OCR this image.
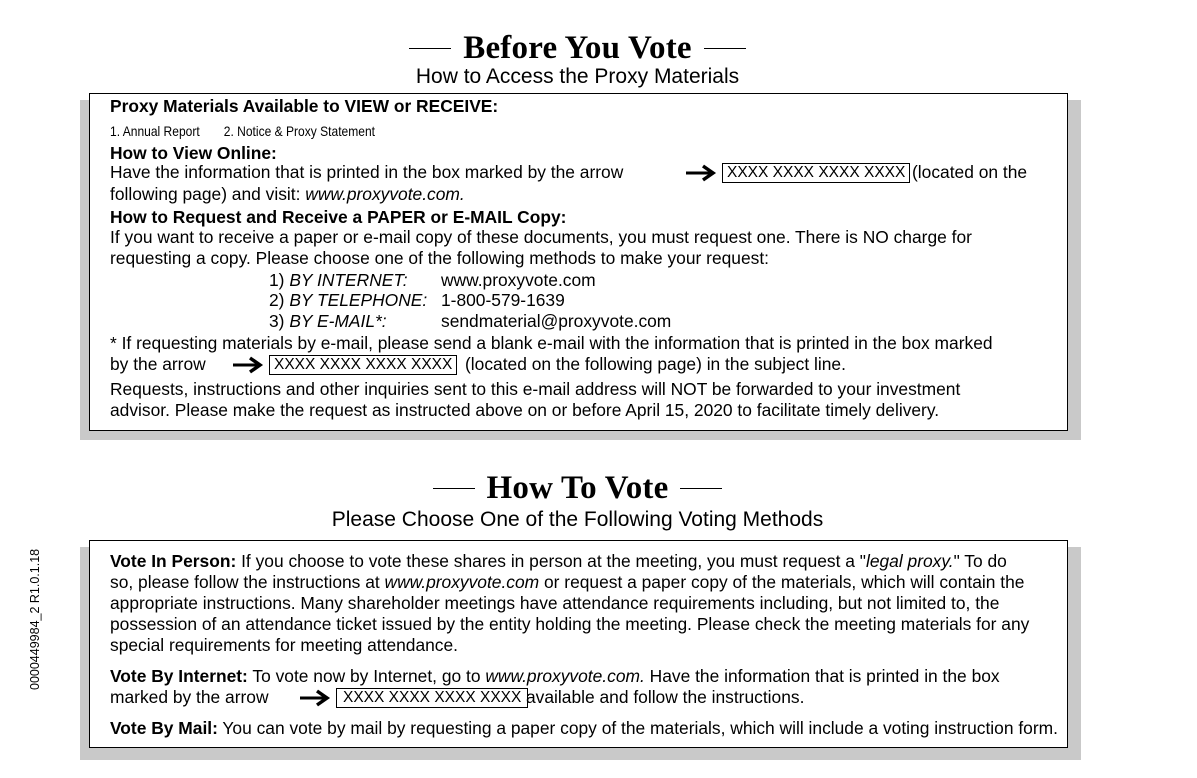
Before You Vote
How to Access the Proxy Materials
Proxy Materials Available to VIEW or RECEIVE:
1. Annual Report 2. Notice & Proxy Statement
How to View Online:
Have the information that is printed in the box marked by the arrow	XXXX XXXX XXXX XXXX (located on the
following page) and visit: www.proxyvote.com.
How to Request and Receive a PAPER or E-MAIL Copy:
If you want to receive a paper or e-mail copy of these documents, you must request one. There is NO charge for
requesting a copy. Please choose one of the following methods to make your request:
1) BY INTERNET: www.proxyvote.com
2) BY TELEPHONE: 1-800-579-1639
3) BY E-MAIL*:	sendmaterial@proxyvote.com
* If requesting materials by e-mail, please send a blank e-mail with the information that is printed in the box marked
by the arrow	XXXX XXXX XXXX XXXX (located on the following page) in the subject line.
Requests, instructions and other inquiries sent to this e-mail address will NOT be forwarded to your investment
advisor. Please make the request as instructed above on or before April 15, 2020 to facilitate timely delivery.
How To Vote
Please Choose One of the Following Voting Methods
Vote In Person: If you choose to vote these shares in person at the meeting, you must request a "legal proxy." To do
so, please follow the instructions at www.proxyvote.com or request a paper copy of the materials, which will contain the
appropriate instructions. Many shareholder meetings have attendance requirements including, but not limited to, the
possession of an attendance ticket issued by the entity holding the meeting. Please check the meeting materials for any
special requirements for meeting attendance.
Vote By Internet: To vote now by Internet, go to www.proxyvote.com. Have the information that is printed in the box
marked by the arrow	XXXX XXXX XXXX XXXX available and follow the instructions.
Vote By Mail: You can vote by mail by requesting a paper copy of the materials, which will include a voting instruction form.
0000449984_2 R1.0.1.18
